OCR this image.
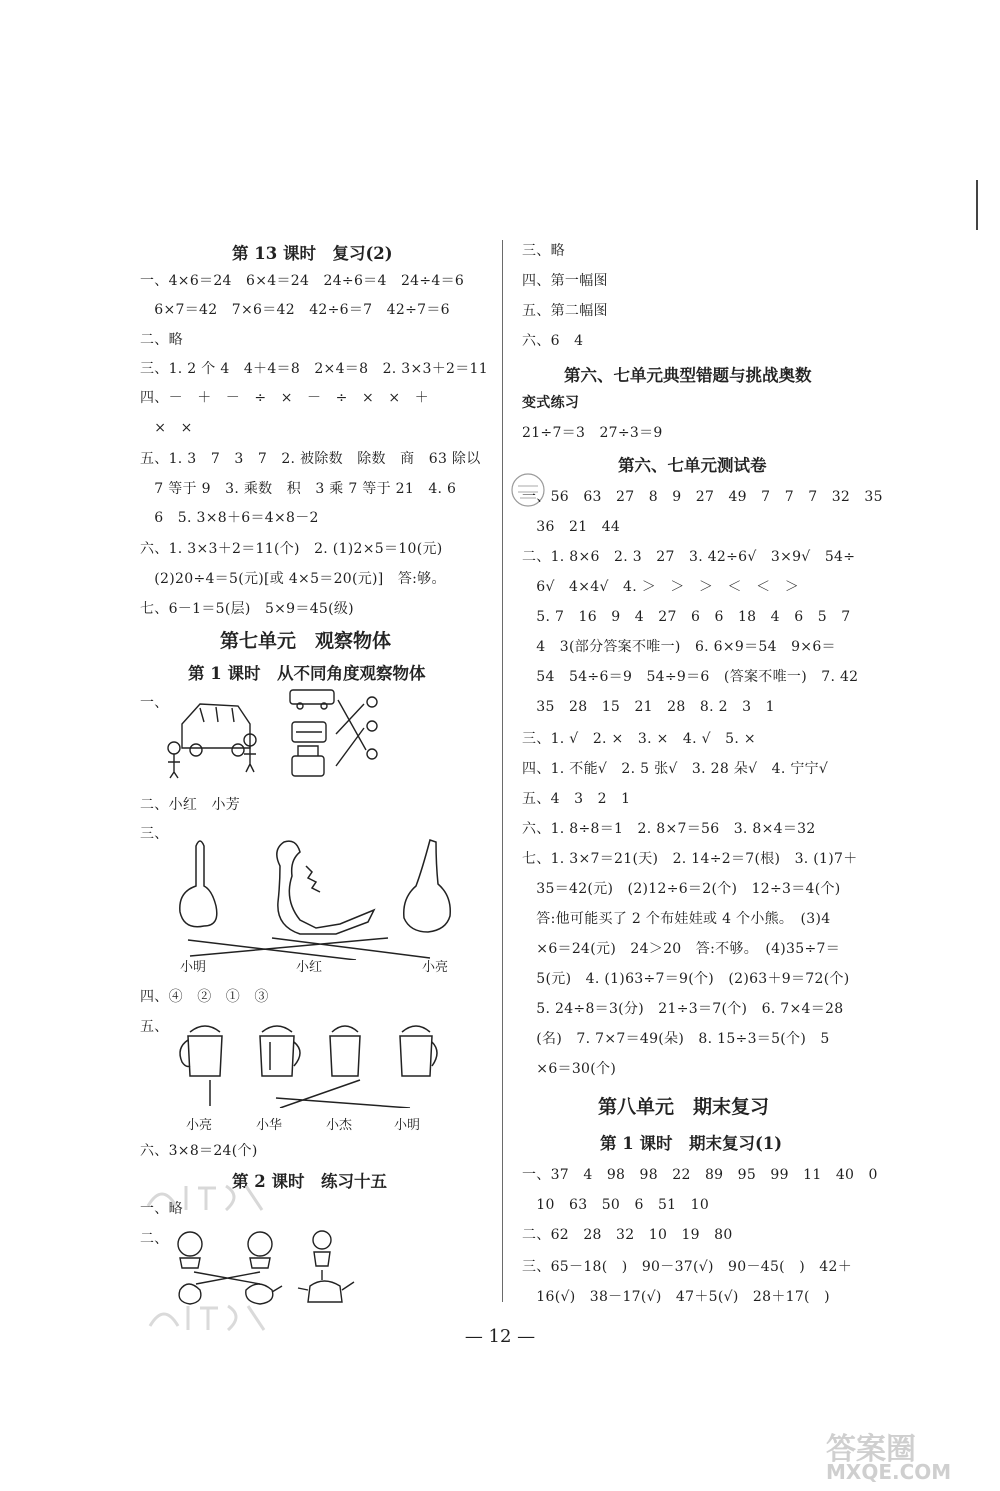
第 13 课时　复习(2)
一、4×6＝24　6×4＝24　24÷6＝4　24÷4＝6
　6×7＝42　7×6＝42　42÷6＝7　42÷7＝6
二、略
三、1. 2 个 4　4＋4＝8　2×4＝8　2. 3×3＋2＝11
四、－　＋　－　÷　×　－　÷　×　×　＋
　×　×
五、1. 3　7　3　7　2. 被除数　除数　商　63 除以
　7 等于 9　3. 乘数　积　3 乘 7 等于 21　4. 6
　6　5. 3×8＋6＝4×8－2
六、1. 3×3＋2＝11(个)　2. (1)2×5＝10(元)
　(2)20÷4＝5(元)[或 4×5＝20(元)]　答:够。
七、6－1＝5(层)　5×9＝45(级)
第七单元　观察物体
第 1 课时　从不同角度观察物体
一、
二、小红　小芳
三、
小明	小红	小亮
四、④　②　①　③
五、
小亮	小华	小杰	小明
六、3×8＝24(个)
第 2 课时　练习十五
一、略
二、
三、略
四、第一幅图
五、第二幅图
六、6　4
第六、七单元典型错题与挑战奥数
变式练习
21÷7＝3　27÷3＝9
第六、七单元测试卷
一、56　63　27　8　9　27　49　7　7　7　32　35
　36　21　44
二、1. 8×6　2. 3　27　3. 42÷6√　3×9√　54÷
　6√　4×4√　4. ＞　＞　＞　＜　＜　＞
　5. 7　16　9　4　27　6　6　18　4　6　5　7
　4　3(部分答案不唯一)　6. 6×9＝54　9×6＝
　54　54÷6＝9　54÷9＝6　(答案不唯一)　7. 42
　35　28　15　21　28　8. 2　3　1
三、1. √　2. ×　3. ×　4. √　5. ×
四、1. 不能√　2. 5 张√　3. 28 朵√　4. 宁宁√
五、4　3　2　1
六、1. 8÷8＝1　2. 8×7＝56　3. 8×4＝32
七、1. 3×7＝21(天)　2. 14÷2＝7(根)　3. (1)7＋
　35＝42(元)　(2)12÷6＝2(个)　12÷3＝4(个)
　答:他可能买了 2 个布娃娃或 4 个小熊。　(3)4
　×6＝24(元)　24＞20　答:不够。　(4)35÷7＝
　5(元)　4. (1)63÷7＝9(个)　(2)63＋9＝72(个)
　5. 24÷8＝3(分)　21÷3＝7(个)　6. 7×4＝28
　(名)　7. 7×7＝49(朵)　8. 15÷3＝5(个)　5
　×6＝30(个)
第八单元　期末复习
第 1 课时　期末复习(1)
一、37　4　98　98　22　89　95　99　11　40　0
　10　63　50　6　51　10
二、62　28　32　10　19　80
三、65－18(　)　90－37(√)　90－45(　)　42＋
　16(√)　38－17(√)　47＋5(√)　28＋17(　)
— 12 —
答案圈
MXQE.COM
